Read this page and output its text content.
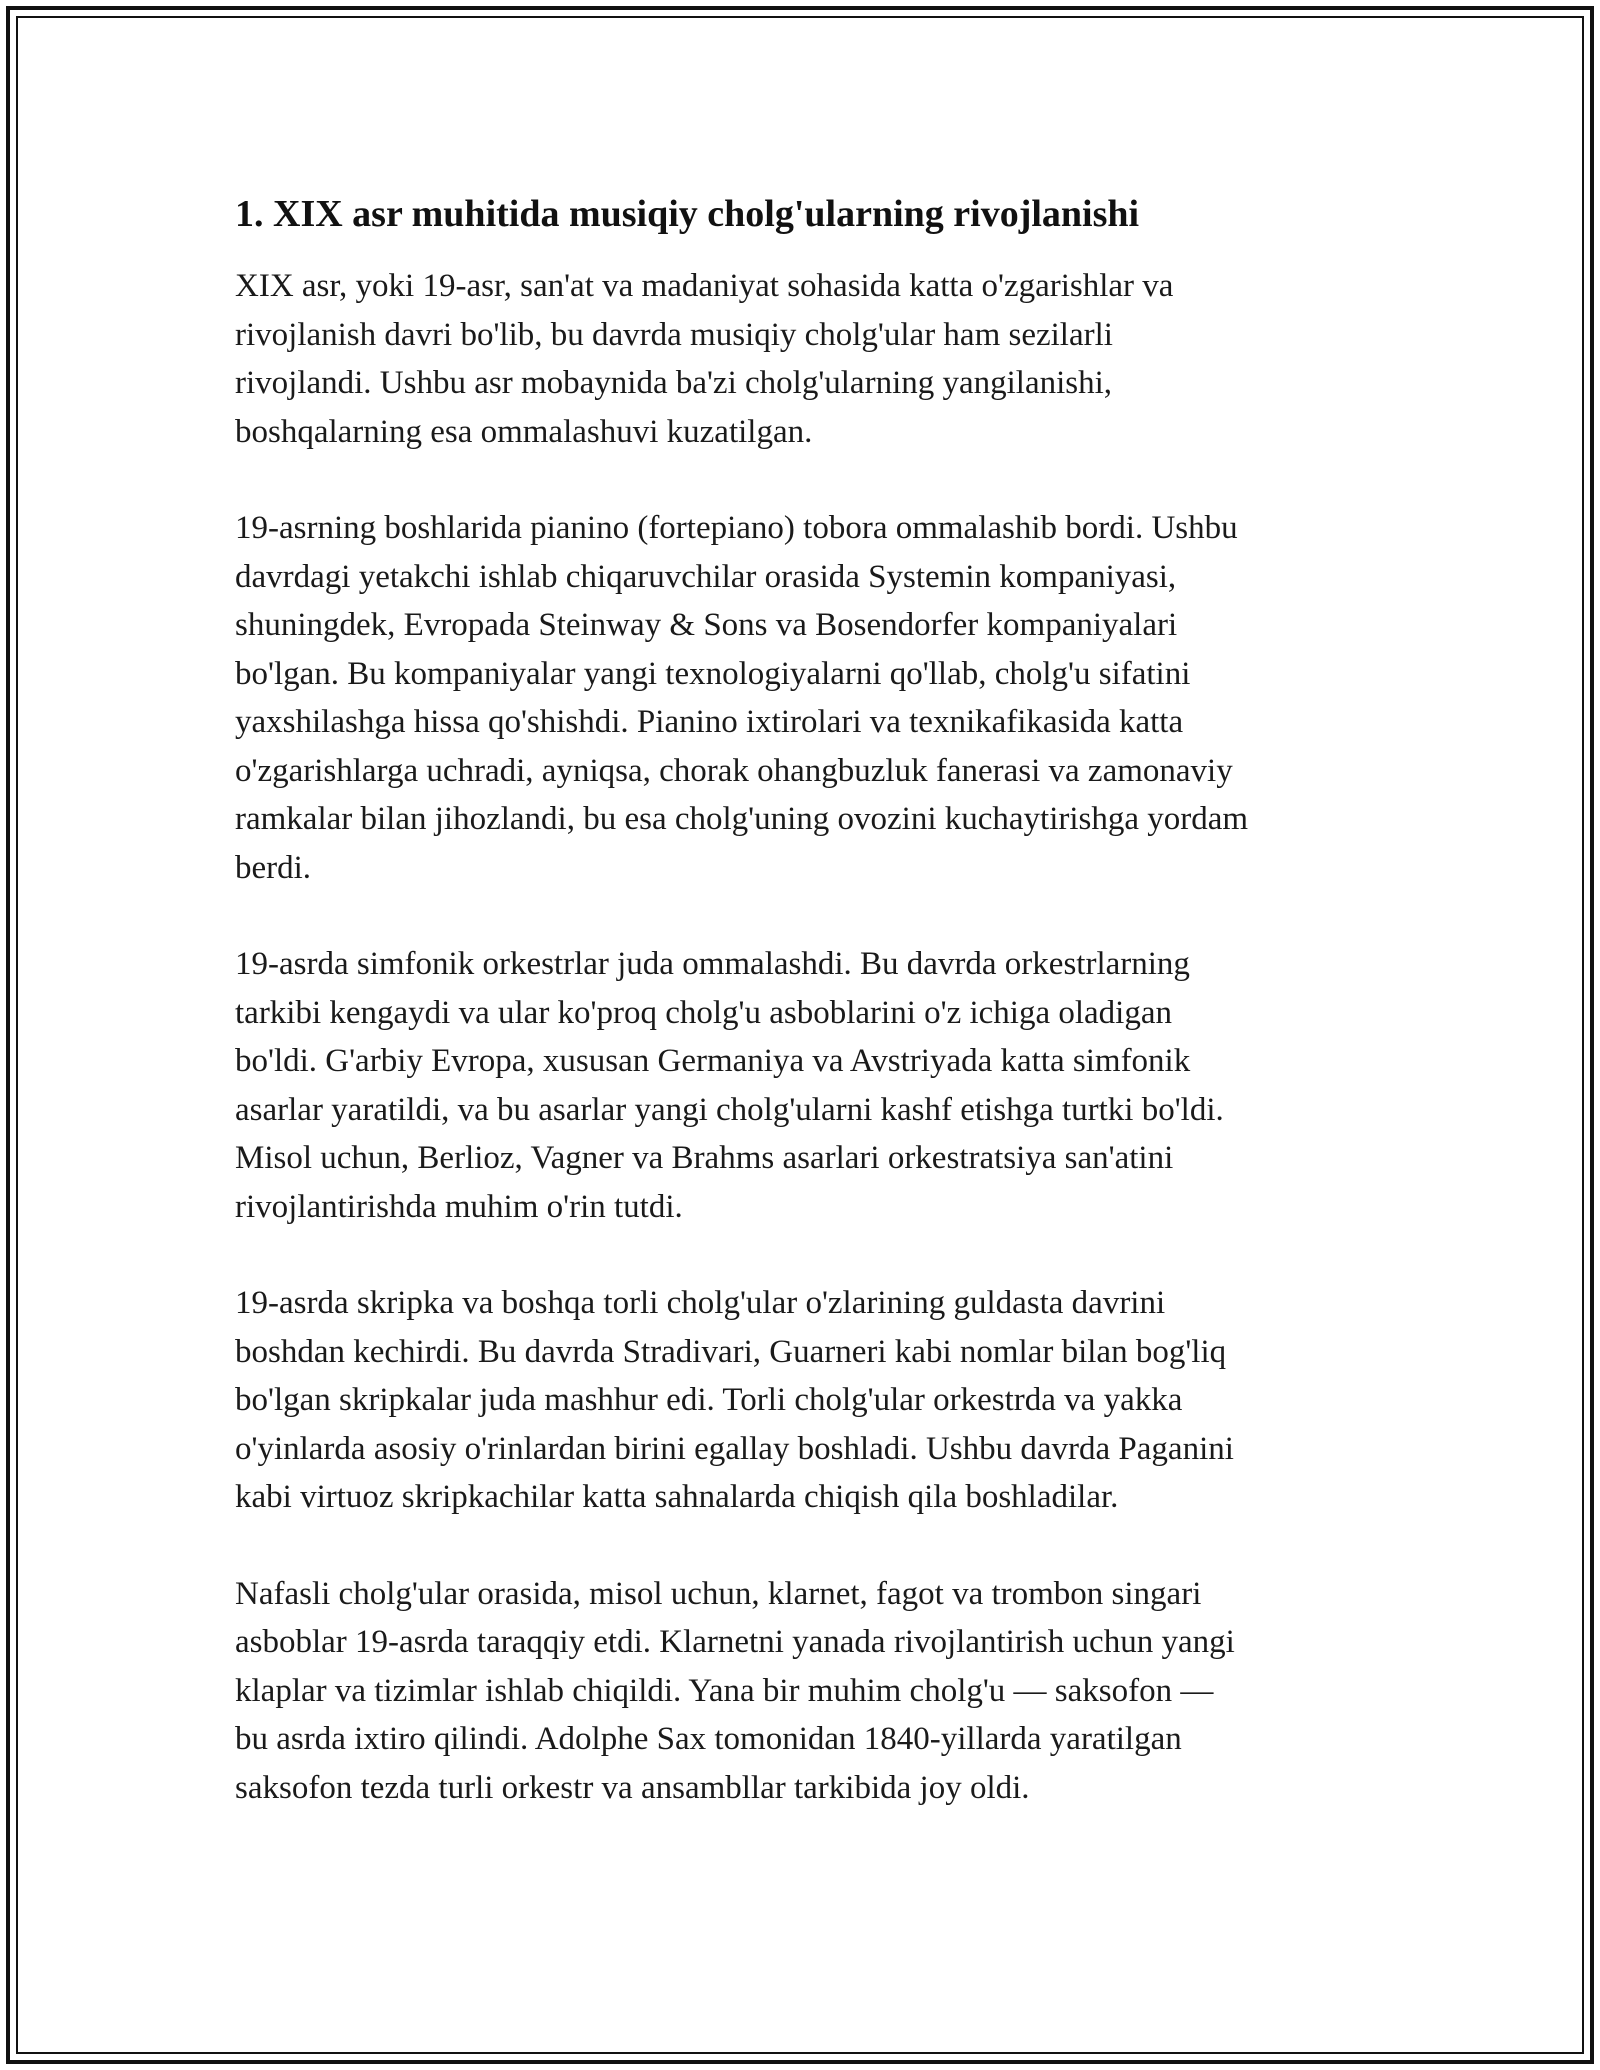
1. XIX asr muhitida musiqiy cholg'ularning rivojlanishi

XIX asr, yoki 19-asr, san'at va madaniyat sohasida katta o'zgarishlar va
rivojlanish davri bo'lib, bu davrda musiqiy cholg'ular ham sezilarli
rivojlandi. Ushbu asr mobaynida ba'zi cholg'ularning yangilanishi,
boshqalarning esa ommalashuvi kuzatilgan.

19-asrning boshlarida pianino (fortepiano) tobora ommalashib bordi. Ushbu
davrdagi yetakchi ishlab chiqaruvchilar orasida Systemin kompaniyasi,
shuningdek, Evropada Steinway & Sons va Bosendorfer kompaniyalari
bo'lgan. Bu kompaniyalar yangi texnologiyalarni qo'llab, cholg'u sifatini
yaxshilashga hissa qo'shishdi. Pianino ixtirolari va texnikafikasida katta
o'zgarishlarga uchradi, ayniqsa, chorak ohangbuzluk fanerasi va zamonaviy
ramkalar bilan jihozlandi, bu esa cholg'uning ovozini kuchaytirishga yordam
berdi.

19-asrda simfonik orkestrlar juda ommalashdi. Bu davrda orkestrlarning
tarkibi kengaydi va ular ko'proq cholg'u asboblarini o'z ichiga oladigan
bo'ldi. G'arbiy Evropa, xususan Germaniya va Avstriyada katta simfonik
asarlar yaratildi, va bu asarlar yangi cholg'ularni kashf etishga turtki bo'ldi.
Misol uchun, Berlioz, Vagner va Brahms asarlari orkestratsiya san'atini
rivojlantirishda muhim o'rin tutdi.

19-asrda skripka va boshqa torli cholg'ular o'zlarining guldasta davrini
boshdan kechirdi. Bu davrda Stradivari, Guarneri kabi nomlar bilan bog'liq
bo'lgan skripkalar juda mashhur edi. Torli cholg'ular orkestrda va yakka
o'yinlarda asosiy o'rinlardan birini egallay boshladi. Ushbu davrda Paganini
kabi virtuoz skripkachilar katta sahnalarda chiqish qila boshladilar.

Nafasli cholg'ular orasida, misol uchun, klarnet, fagot va trombon singari
asboblar 19-asrda taraqqiy etdi. Klarnetni yanada rivojlantirish uchun yangi
klaplar va tizimlar ishlab chiqildi. Yana bir muhim cholg'u — saksofon —
bu asrda ixtiro qilindi. Adolphe Sax tomonidan 1840-yillarda yaratilgan
saksofon tezda turli orkestr va ansambllar tarkibida joy oldi.
